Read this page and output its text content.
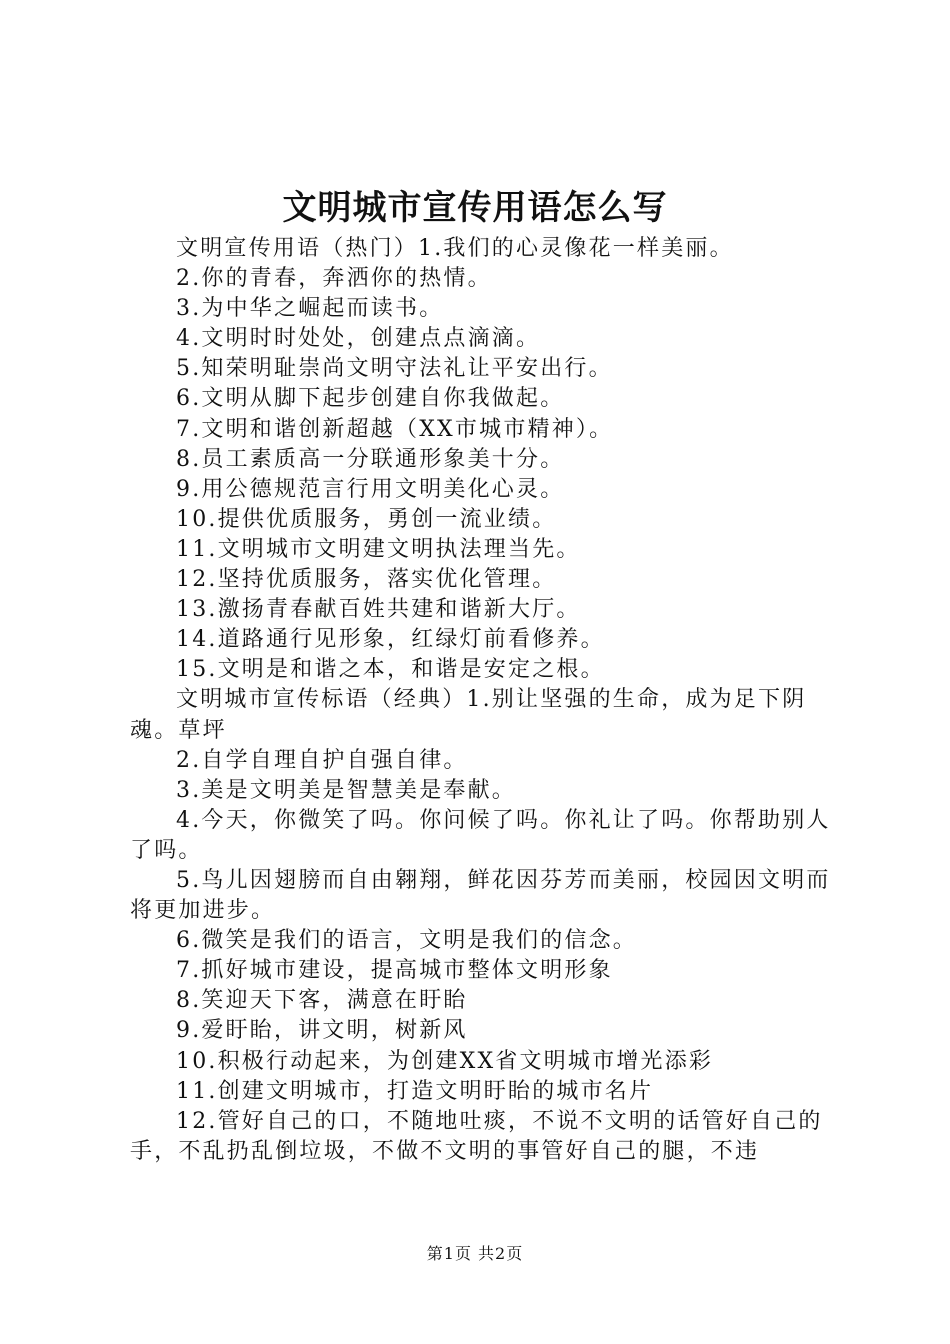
文明城市宣传用语怎么写

文明宣传用语（热门）1.我们的心灵像花一样美丽。

2.你的青春，奔洒你的热情。

3.为中华之崛起而读书。

4.文明时时处处，创建点点滴滴。

5.知荣明耻崇尚文明守法礼让平安出行。

6.文明从脚下起步创建自你我做起。

7.文明和谐创新超越（XX市城市精神）。

8.员工素质高一分联通形象美十分。

9.用公德规范言行用文明美化心灵。

10.提供优质服务，勇创一流业绩。

11.文明城市文明建文明执法理当先。

12.坚持优质服务，落实优化管理。

13.激扬青春献百姓共建和谐新大厅。

14.道路通行见形象，红绿灯前看修养。

15.文明是和谐之本，和谐是安定之根。

文明城市宣传标语（经典）1.别让坚强的生命，成为足下阴魂。草坪

2.自学自理自护自强自律。

3.美是文明美是智慧美是奉献。

4.今天，你微笑了吗。你问候了吗。你礼让了吗。你帮助别人了吗。

5.鸟儿因翅膀而自由翱翔，鲜花因芬芳而美丽，校园因文明而将更加进步。

6.微笑是我们的语言，文明是我们的信念。

7.抓好城市建设，提高城市整体文明形象

8.笑迎天下客，满意在盱眙

9.爱盱眙，讲文明，树新风

10.积极行动起来，为创建XX省文明城市增光添彩

11.创建文明城市，打造文明盱眙的城市名片

12.管好自己的口，不随地吐痰，不说不文明的话管好自己的手，不乱扔乱倒垃圾，不做不文明的事管好自己的腿，不违

第1页 共2页
